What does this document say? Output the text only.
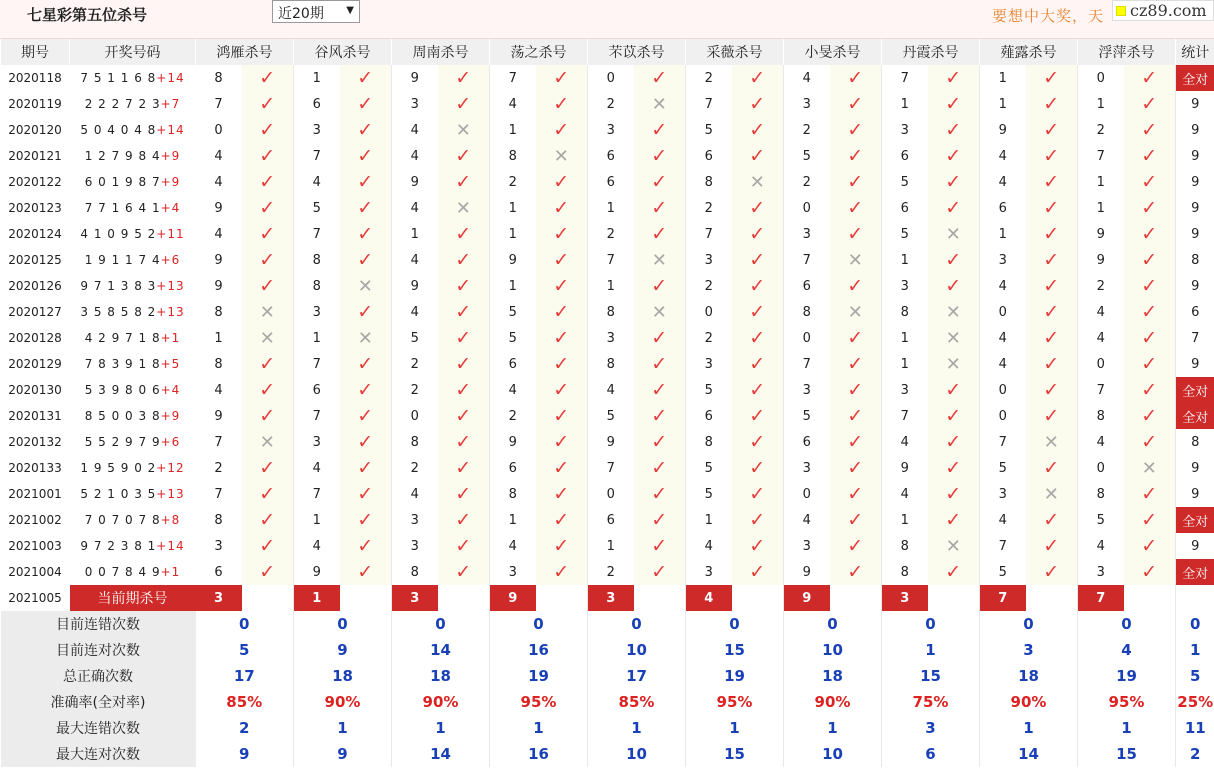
七星彩第五位杀号	近20期 ▼	要想中大奖，天	cz89.com
期号	开奖号码	鸿雁杀号		谷风杀号		周南杀号		荡之杀号		芣苡杀号		采薇杀号		小旻杀号		丹霞杀号		薤露杀号		浮萍杀号		统计
2020118	7 5 1 1 6 8+14	8	✓	1	✓	9	✓	7	✓	0	✓	2	✓	4	✓	7	✓	1	✓	0	✓	全对
2020119	2 2 2 7 2 3+7	7	✓	6	✓	3	✓	4	✓	2	✕	7	✓	3	✓	1	✓	1	✓	1	✓	9
2020120	5 0 4 0 4 8+14	0	✓	3	✓	4	✕	1	✓	3	✓	5	✓	2	✓	3	✓	9	✓	2	✓	9
2020121	1 2 7 9 8 4+9	4	✓	7	✓	4	✓	8	✕	6	✓	6	✓	5	✓	6	✓	4	✓	7	✓	9
2020122	6 0 1 9 8 7+9	4	✓	4	✓	9	✓	2	✓	6	✓	8	✕	2	✓	5	✓	4	✓	1	✓	9
2020123	7 7 1 6 4 1+4	9	✓	5	✓	4	✕	1	✓	1	✓	2	✓	0	✓	6	✓	6	✓	1	✓	9
2020124	4 1 0 9 5 2+11	4	✓	7	✓	1	✓	1	✓	2	✓	7	✓	3	✓	5	✕	1	✓	9	✓	9
2020125	1 9 1 1 7 4+6	9	✓	8	✓	4	✓	9	✓	7	✕	3	✓	7	✕	1	✓	3	✓	9	✓	8
2020126	9 7 1 3 8 3+13	9	✓	8	✕	9	✓	1	✓	1	✓	2	✓	6	✓	3	✓	4	✓	2	✓	9
2020127	3 5 8 5 8 2+13	8	✕	3	✓	4	✓	5	✓	8	✕	0	✓	8	✕	8	✕	0	✓	4	✓	6
2020128	4 2 9 7 1 8+1	1	✕	1	✕	5	✓	5	✓	3	✓	2	✓	0	✓	1	✕	4	✓	4	✓	7
2020129	7 8 3 9 1 8+5	8	✓	7	✓	2	✓	6	✓	8	✓	3	✓	7	✓	1	✕	4	✓	0	✓	9
2020130	5 3 9 8 0 6+4	4	✓	6	✓	2	✓	4	✓	4	✓	5	✓	3	✓	3	✓	0	✓	7	✓	全对
2020131	8 5 0 0 3 8+9	9	✓	7	✓	0	✓	2	✓	5	✓	6	✓	5	✓	7	✓	0	✓	8	✓	全对
2020132	5 5 2 9 7 9+6	7	✕	3	✓	8	✓	9	✓	9	✓	8	✓	6	✓	4	✓	7	✕	4	✓	8
2020133	1 9 5 9 0 2+12	2	✓	4	✓	2	✓	6	✓	7	✓	5	✓	3	✓	9	✓	5	✓	0	✕	9
2021001	5 2 1 0 3 5+13	7	✓	7	✓	4	✓	8	✓	0	✓	5	✓	0	✓	4	✓	3	✕	8	✓	9
2021002	7 0 7 0 7 8+8	8	✓	1	✓	3	✓	1	✓	6	✓	1	✓	4	✓	1	✓	4	✓	5	✓	全对
2021003	9 7 2 3 8 1+14	3	✓	4	✓	3	✓	4	✓	1	✓	4	✓	3	✓	8	✕	7	✓	4	✓	9
2021004	0 0 7 8 4 9+1	6	✓	9	✓	8	✓	3	✓	2	✓	3	✓	9	✓	8	✓	5	✓	3	✓	全对
2021005	当前期杀号	3		1		3		9		3		4		9		3		7		7		
目前连错次数		0		0		0		0		0		0		0		0		0		0		0
目前连对次数		5		9		14		16		10		15		10		1		3		4		1
总正确次数		17		18		18		19		17		19		18		15		18		19		5
准确率(全对率)		85%		90%		90%		95%		85%		95%		90%		75%		90%		95%		25%
最大连错次数		2		1		1		1		1		1		1		3		1		1		11
最大连对次数		9		9		14		16		10		15		10		6		14		15		2
